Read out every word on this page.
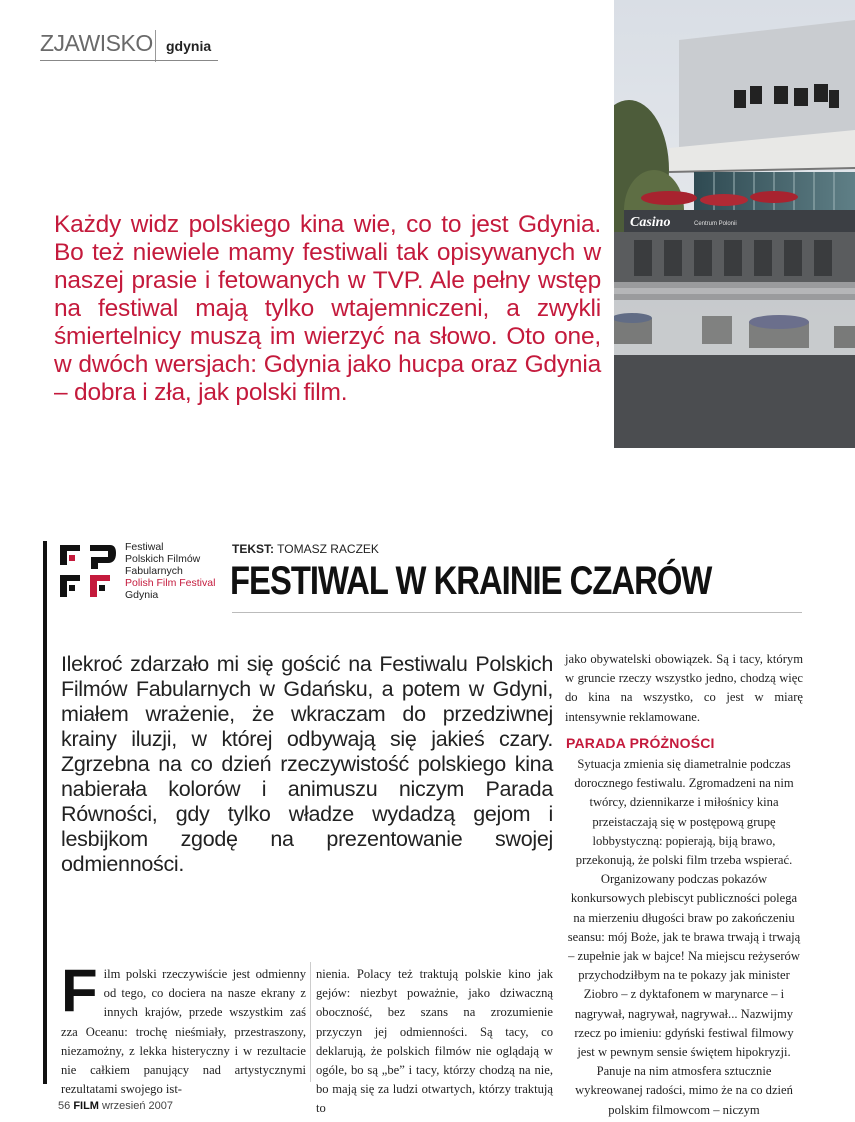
ZJAWISKO gdynia
Casino	Centrum Polonii
Każdy widz polskiego kina wie, co to jest Gdynia. Bo też niewiele mamy festiwali tak opisywanych w naszej prasie i fetowanych w TVP. Ale pełny wstęp na festiwal mają tylko wtajemniczeni, a zwykli śmiertelnicy muszą im wierzyć na słowo. Oto one, w dwóch wersjach: Gdynia jako hucpa oraz Gdynia – dobra i zła, jak polski film.
Festiwal
Polskich Filmów
Fabularnych
Polish Film Festival
Gdynia
TEKST: TOMASZ RACZEK
FESTIWAL W KRAINIE CZARÓW
Ilekroć zdarzało mi się gościć na Festiwalu Polskich Filmów Fabularnych w Gdańsku, a potem w Gdyni, miałem wrażenie, że wkraczam do przedziwnej krainy iluzji, w której odbywają się jakieś czary. Zgrzebna na co dzień rzeczywistość polskiego kina nabierała kolorów i animuszu niczym Parada Równości, gdy tylko władze wydadzą gejom i lesbijkom zgodę na prezentowanie swojej odmienności.
jako obywatelski obowiązek. Są i tacy, którym w gruncie rzeczy wszystko jedno, chodzą więc do kina na wszystko, co jest w miarę intensywnie reklamowane.
PARADA PRÓŻNOŚCI
Sytuacja zmienia się diametralnie podczas dorocznego festiwalu. Zgromadzeni na nim twórcy, dziennikarze i miłośnicy kina przeistaczają się w postępową grupę lobbystyczną: popierają, biją brawo, przekonują, że polski film trzeba wspierać. Organizowany podczas pokazów konkursowych plebiscyt publiczności polega na mierzeniu długości braw po zakończeniu seansu: mój Boże, jak te brawa trwają i trwają – zupełnie jak w bajce! Na miejscu reżyserów przychodziłbym na te pokazy jak minister Ziobro – z dyktafonem w marynarce – i nagrywał, nagrywał, nagrywał... Nazwijmy rzecz po imieniu: gdyński festiwal filmowy jest w pewnym sensie świętem hipokryzji. Panuje na nim atmosfera sztucznie wykreowanej radości, mimo że na co dzień polskim filmowcom – niczym
Film polski rzeczywiście jest odmienny od tego, co docierа na nasze ekrany z innych krajów, przede wszystkim zaś zza Oceanu: trochę nieśmiały, przestraszony, niezamożny, z lekka histeryczny i w rezultacie nie całkiem panujący nad artystycznymi rezultatami swojego ist-
nienia. Polacy też traktują polskie kino jak gejów: niezbyt poważnie, jako dziwaczną oboczność, bez szans na zrozumienie przyczyn jej odmienności. Są tacy, co deklarują, że polskich filmów nie oglądają w ogóle, bo są „be” i tacy, którzy chodzą na nie, bo mają się za ludzi otwartych, którzy traktują to
56 FILM wrzesień 2007
